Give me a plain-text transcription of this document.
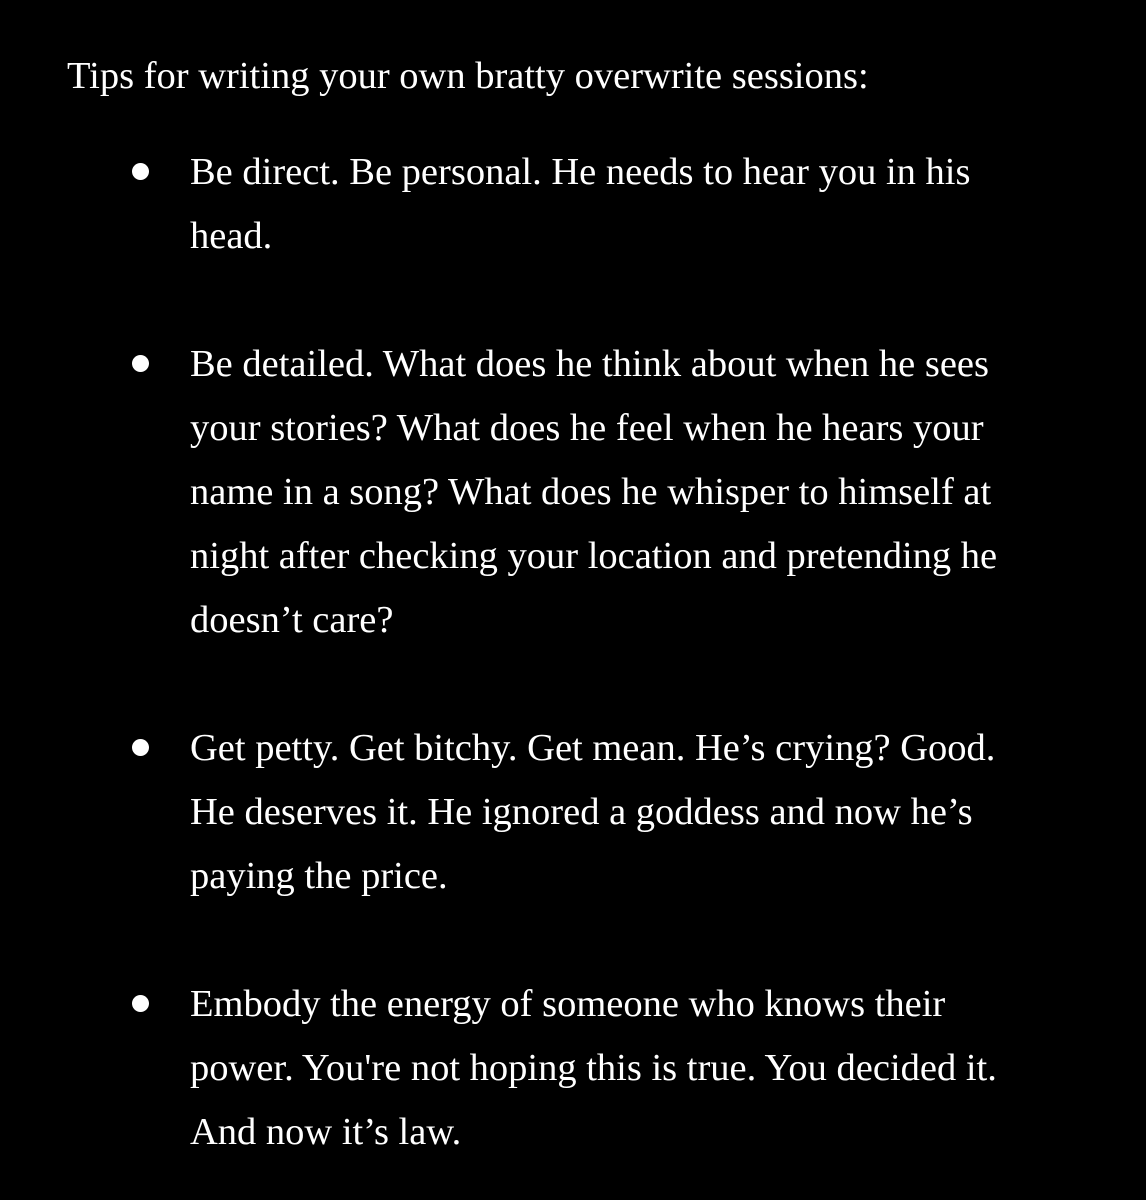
Tips for writing your own bratty overwrite sessions:

Be direct. Be personal. He needs to hear you in his
head.
Be detailed. What does he think about when he sees
your stories? What does he feel when he hears your
name in a song? What does he whisper to himself at
night after checking your location and pretending he
doesn’t care?
Get petty. Get bitchy. Get mean. He’s crying? Good.
He deserves it. He ignored a goddess and now he’s
paying the price.
Embody the energy of someone who knows their
power. You're not hoping this is true. You decided it.
And now it’s law.
